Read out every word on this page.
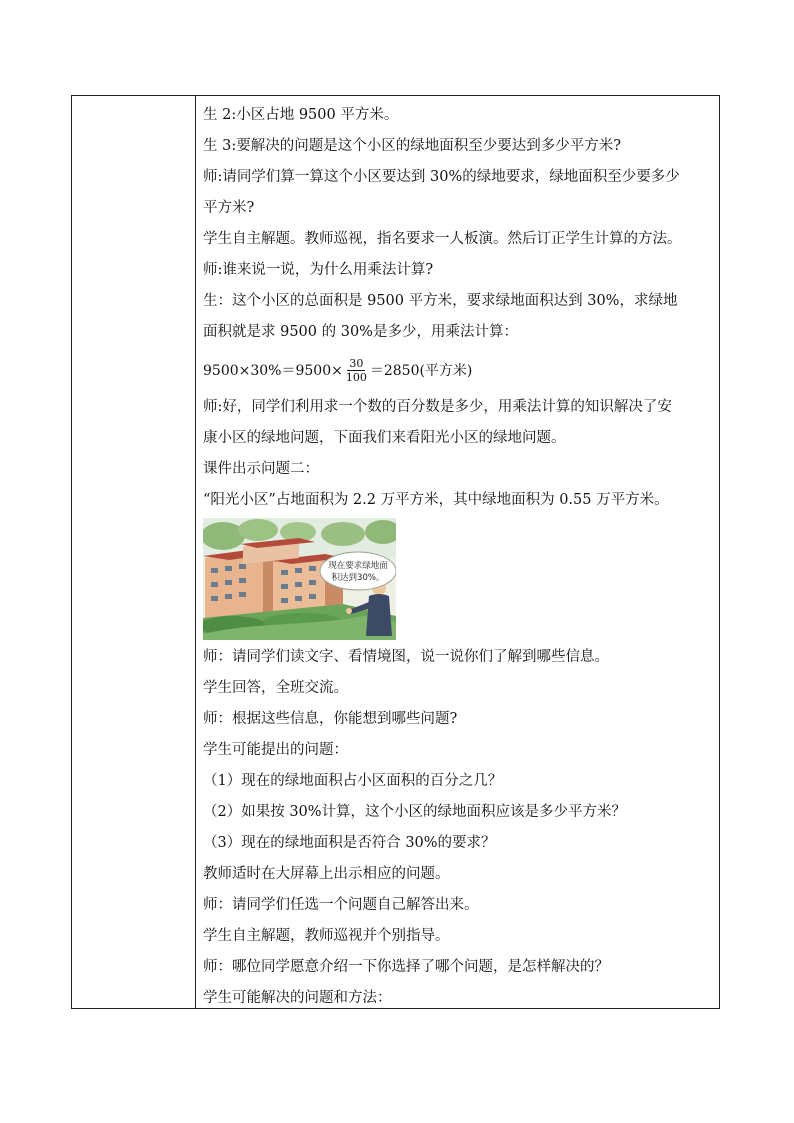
生 2:小区占地 9500 平方米。
生 3:要解决的问题是这个小区的绿地面积至少要达到多少平方米?
师:请同学们算一算这个小区要达到 30%的绿地要求，绿地面积至少要多少
平方米?
学生自主解题。教师巡视，指名要求一人板演。然后订正学生计算的方法。
师:谁来说一说，为什么用乘法计算?
生：这个小区的总面积是 9500 平方米，要求绿地面积达到 30%，求绿地
面积就是求 9500 的 30%是多少，用乘法计算：
$9500\times 30\%=9500\times \frac{30}{100} =2850$(平方米)
师:好，同学们利用求一个数的百分数是多少，用乘法计算的知识解决了安
康小区的绿地问题，下面我们来看阳光小区的绿地问题。
课件出示问题二：
“阳光小区”占地面积为 2.2 万平方米，其中绿地面积为 0.55 万平方米。
现在要求绿地面
积达到30%。
师：请同学们读文字、看情境图，说一说你们了解到哪些信息。
学生回答，全班交流。
师：根据这些信息，你能想到哪些问题?
学生可能提出的问题：
（1）现在的绿地面积占小区面积的百分之几？
（2）如果按 30%计算，这个小区的绿地面积应该是多少平方米？
（3）现在的绿地面积是否符合 30%的要求？
教师适时在大屏幕上出示相应的问题。
师：请同学们任选一个问题自己解答出来。
学生自主解题，教师巡视并个别指导。
师：哪位同学愿意介绍一下你选择了哪个问题，是怎样解决的？
学生可能解决的问题和方法：
